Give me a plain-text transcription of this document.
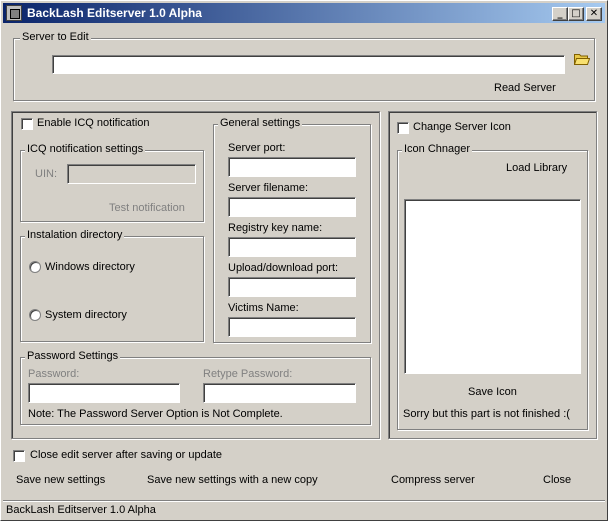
BackLash Editserver 1.0 Alpha	_ □ ✕
Server to Edit
Read Server
Enable ICQ notification
ICQ notification settings
UIN:
Test notification
Instalation directory
Windows directory
System directory
General settings
Server port:
Server filename:
Registry key name:
Upload/download port:
Victims Name:
Password Settings
Password:	Retype Password:
Note: The Password Server Option is Not Complete.
Change Server Icon
Icon Chnager
Load Library
Save Icon
Sorry but this part is not finished :(
Close edit server after saving or update
Save new settings	Save new settings with a new copy	Compress server	Close
BackLash Editserver 1.0 Alpha
